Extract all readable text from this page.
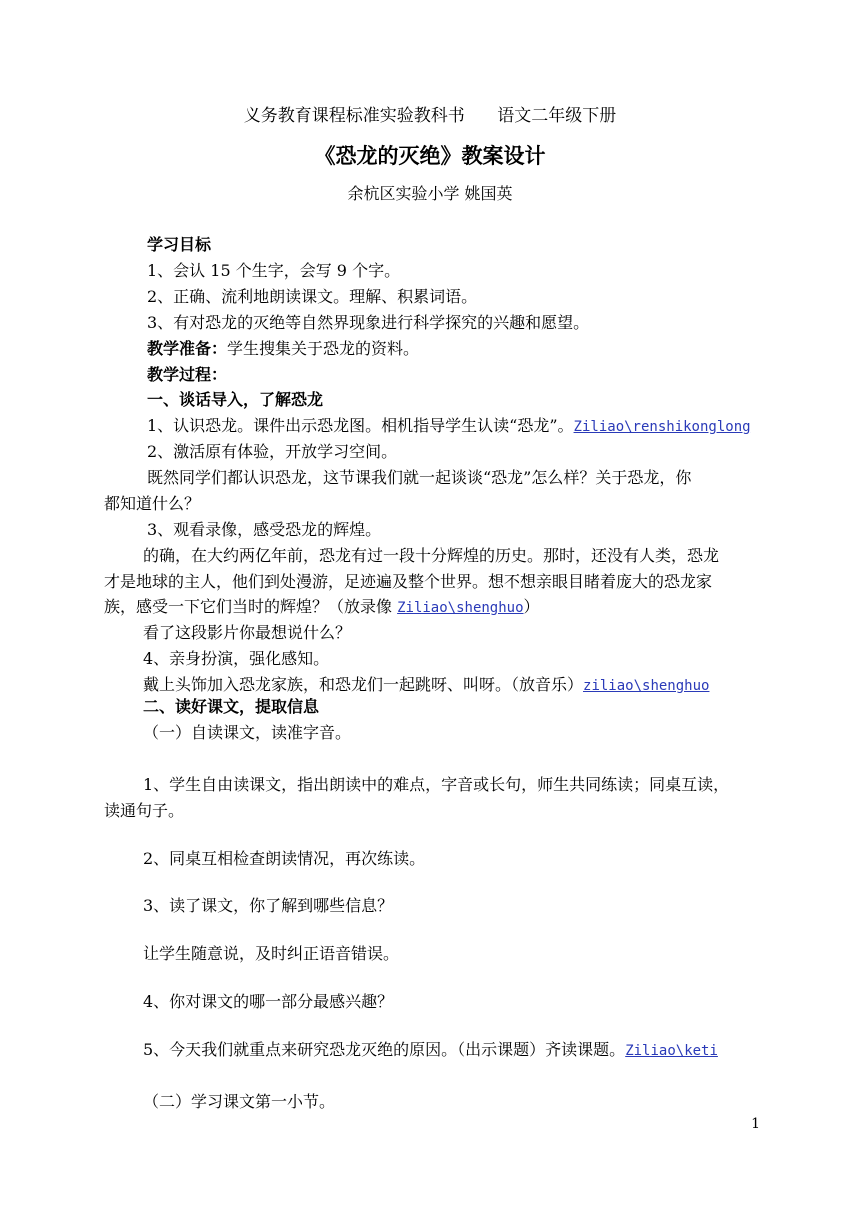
义务教育课程标准实验教科书 语文二年级下册
《恐龙的灭绝》教案设计
余杭区实验小学 姚国英
学习目标
1、会认 15 个生字，会写 9 个字。
2、正确、流利地朗读课文。理解、积累词语。
3、有对恐龙的灭绝等自然界现象进行科学探究的兴趣和愿望。
教学准备：学生搜集关于恐龙的资料。
教学过程：
一、谈话导入，了解恐龙
1、认识恐龙。课件出示恐龙图。相机指导学生认读“恐龙”。Ziliao\renshikonglong
2、激活原有体验，开放学习空间。
既然同学们都认识恐龙，这节课我们就一起谈谈“恐龙”怎么样？关于恐龙，你
都知道什么？
3、观看录像，感受恐龙的辉煌。
的确，在大约两亿年前，恐龙有过一段十分辉煌的历史。那时，还没有人类，恐龙
才是地球的主人，他们到处漫游，足迹遍及整个世界。想不想亲眼目睹着庞大的恐龙家
族，感受一下它们当时的辉煌？（放录像 Ziliao\shenghuo）
看了这段影片你最想说什么？
4、亲身扮演，强化感知。
戴上头饰加入恐龙家族，和恐龙们一起跳呀、叫呀。（放音乐）ziliao\shenghuo
二、读好课文，提取信息
（一）自读课文，读准字音。
1、学生自由读课文，指出朗读中的难点，字音或长句，师生共同练读；同桌互读，
读通句子。
2、同桌互相检查朗读情况，再次练读。
3、读了课文，你了解到哪些信息？
让学生随意说，及时纠正语音错误。
4、你对课文的哪一部分最感兴趣？
5、今天我们就重点来研究恐龙灭绝的原因。（出示课题）齐读课题。Ziliao\keti
（二）学习课文第一小节。
1
